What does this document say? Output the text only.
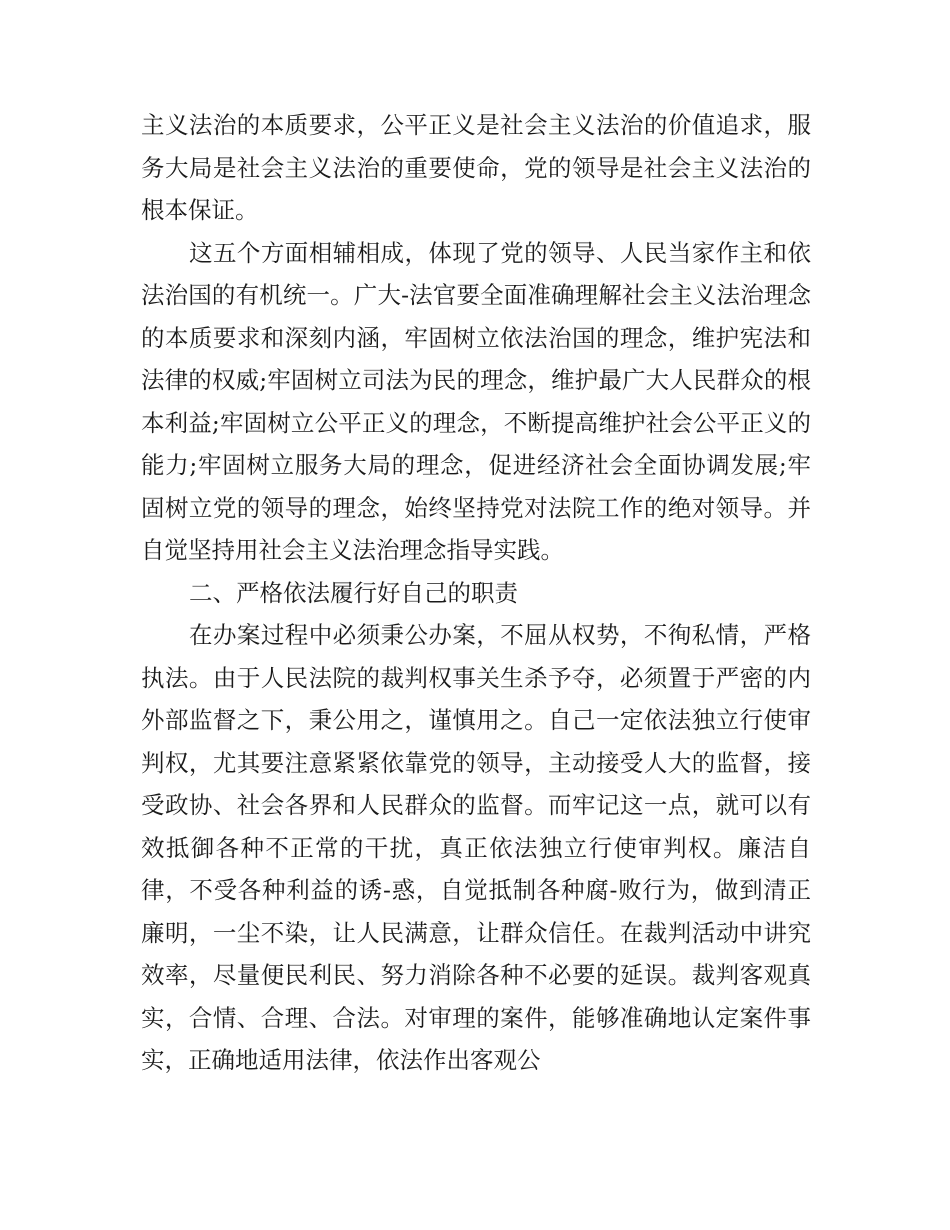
主义法治的本质要求，公平正义是社会主义法治的价值追求，服务大局是社会主义法治的重要使命，党的领导是社会主义法治的根本保证。

这五个方面相辅相成，体现了党的领导、人民当家作主和依法治国的有机统一。广大-法官要全面准确理解社会主义法治理念的本质要求和深刻内涵，牢固树立依法治国的理念，维护宪法和法律的权威;牢固树立司法为民的理念，维护最广大人民群众的根本利益;牢固树立公平正义的理念，不断提高维护社会公平正义的能力;牢固树立服务大局的理念，促进经济社会全面协调发展;牢固树立党的领导的理念，始终坚持党对法院工作的绝对领导。并自觉坚持用社会主义法治理念指导实践。

二、严格依法履行好自己的职责

在办案过程中必须秉公办案，不屈从权势，不徇私情，严格执法。由于人民法院的裁判权事关生杀予夺，必须置于严密的内外部监督之下，秉公用之，谨慎用之。自己一定依法独立行使审判权，尤其要注意紧紧依靠党的领导，主动接受人大的监督，接受政协、社会各界和人民群众的监督。而牢记这一点，就可以有效抵御各种不正常的干扰，真正依法独立行使审判权。廉洁自律，不受各种利益的诱-惑，自觉抵制各种腐-败行为，做到清正廉明，一尘不染，让人民满意，让群众信任。在裁判活动中讲究效率，尽量便民利民、努力消除各种不必要的延误。裁判客观真实，合情、合理、合法。对审理的案件，能够准确地认定案件事实，正确地适用法律，依法作出客观公
